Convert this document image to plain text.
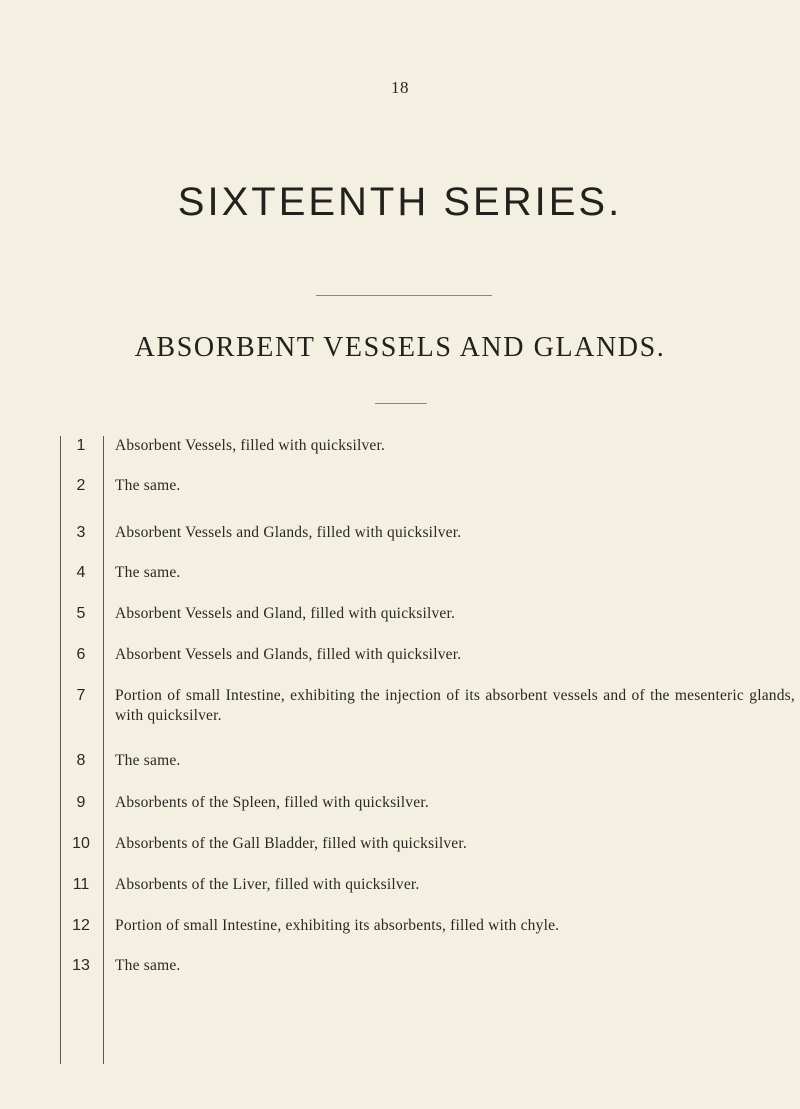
18
SIXTEENTH SERIES.
ABSORBENT VESSELS AND GLANDS.
1	Absorbent Vessels, filled with quicksilver.
2	The same.
3	Absorbent Vessels and Glands, filled with quicksilver.
4	The same.
5	Absorbent Vessels and Gland, filled with quicksilver.
6	Absorbent Vessels and Glands, filled with quicksilver.
7	Portion of small Intestine, exhibiting the injection of its absorbent vessels and of the mesenteric glands, with quicksilver.
8	The same.
9	Absorbents of the Spleen, filled with quicksilver.
10	Absorbents of the Gall Bladder, filled with quicksilver.
11	Absorbents of the Liver, filled with quicksilver.
12	Portion of small Intestine, exhibiting its absorbents, filled with chyle.
13	The same.
